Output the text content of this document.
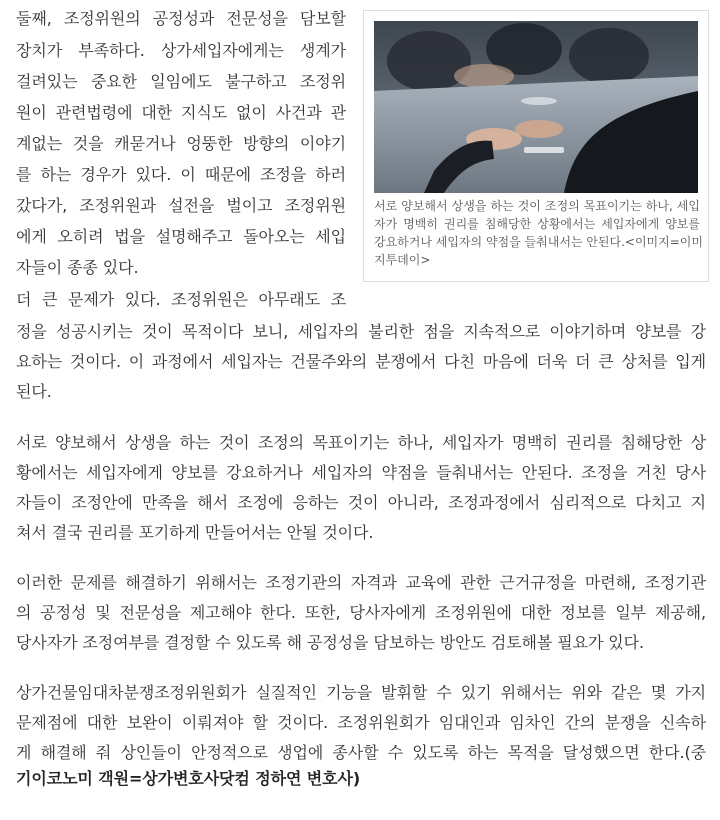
둘째, 조정위원의 공정성과 전문성을 담보할

장치가 부족하다. 상가세입자에게는 생계가

걸려있는 중요한 일임에도 불구하고 조정위

원이 관련법령에 대한 지식도 없이 사건과 관

계없는 것을 캐묻거나 엉뚱한 방향의 이야기

를 하는 경우가 있다. 이 때문에 조정을 하러

갔다가, 조정위원과 설전을 벌이고 조정위원

에게 오히려 법을 설명해주고 돌아오는 세입

자들이 종종 있다.

서로 양보해서 상생을 하는 것이 조정의 목표이기는 하나, 세입

자가 명백히 권리를 침해당한 상황에서는 세입자에게 양보를

강요하거나 세입자의 약점을 들춰내서는 안된다.<이미지=이미

지투데이>

더 큰 문제가 있다. 조정위원은 아무래도 조

정을 성공시키는 것이 목적이다 보니, 세입자의 불리한 점을 지속적으로 이야기하며 양보를 강

요하는 것이다. 이 과정에서 세입자는 건물주와의 분쟁에서 다친 마음에 더욱 더 큰 상처를 입게

된다.

서로 양보해서 상생을 하는 것이 조정의 목표이기는 하나, 세입자가 명백히 권리를 침해당한 상

황에서는 세입자에게 양보를 강요하거나 세입자의 약점을 들춰내서는 안된다. 조정을 거친 당사

자들이 조정안에 만족을 해서 조정에 응하는 것이 아니라, 조정과정에서 심리적으로 다치고 지

쳐서 결국 권리를 포기하게 만들어서는 안될 것이다.

이러한 문제를 해결하기 위해서는 조정기관의 자격과 교육에 관한 근거규정을 마련해, 조정기관

의 공정성 및 전문성을 제고해야 한다. 또한, 당사자에게 조정위원에 대한 정보를 일부 제공해,

당사자가 조정여부를 결정할 수 있도록 해 공정성을 담보하는 방안도 검토해볼 필요가 있다.

상가건물임대차분쟁조정위원회가 실질적인 기능을 발휘할 수 있기 위해서는 위와 같은 몇 가지

문제점에 대한 보완이 이뤄져야 할 것이다. 조정위원회가 임대인과 임차인 간의 분쟁을 신속하

게 해결해 줘 상인들이 안정적으로 생업에 종사할 수 있도록 하는 목적을 달성했으면 한다.(중

기이코노미 객원=상가변호사닷컴 정하연 변호사)
